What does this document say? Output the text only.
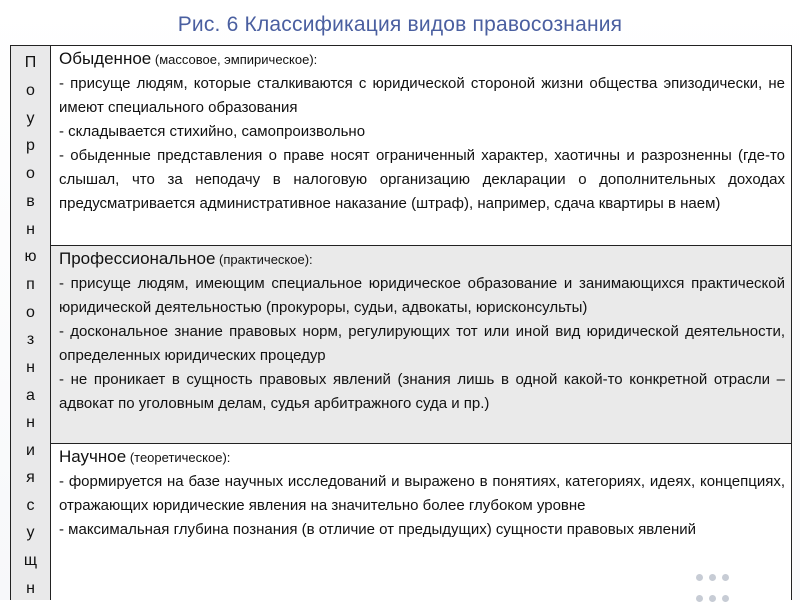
Рис. 6 Классификация видов правосознания
П
о
у
р
о
в
н
ю
п
о
з
н
а
н
и
я
с
у
щ
н
Обыденное (массовое, эмпирическое):
- присуще людям, которые сталкиваются с юридической стороной жизни общества эпизодически, не имеют специального образования
- складывается стихийно, самопроизвольно
- обыденные представления о праве носят ограниченный характер, хаотичны и разрозненны (где-то слышал, что за неподачу в налоговую организацию декларации о дополнительных доходах предусматривается административное наказание (штраф), например, сдача квартиры в наем)
Профессиональное (практическое):
- присуще людям, имеющим специальное юридическое образование и занимающихся практической юридической деятельностью (прокуроры, судьи, адвокаты, юрисконсульты)
- доскональное знание правовых норм, регулирующих тот или иной вид юридической деятельности, определенных юридических процедур
- не проникает в сущность правовых явлений (знания лишь в одной какой-то конкретной отрасли – адвокат по уголовным делам, судья арбитражного суда и пр.)
Научное (теоретическое):
- формируется на базе научных исследований и выражено в понятиях, категориях, идеях, концепциях, отражающих юридические явления на значительно более глубоком уровне
- максимальная глубина познания (в отличие от предыдущих) сущности правовых явлений
